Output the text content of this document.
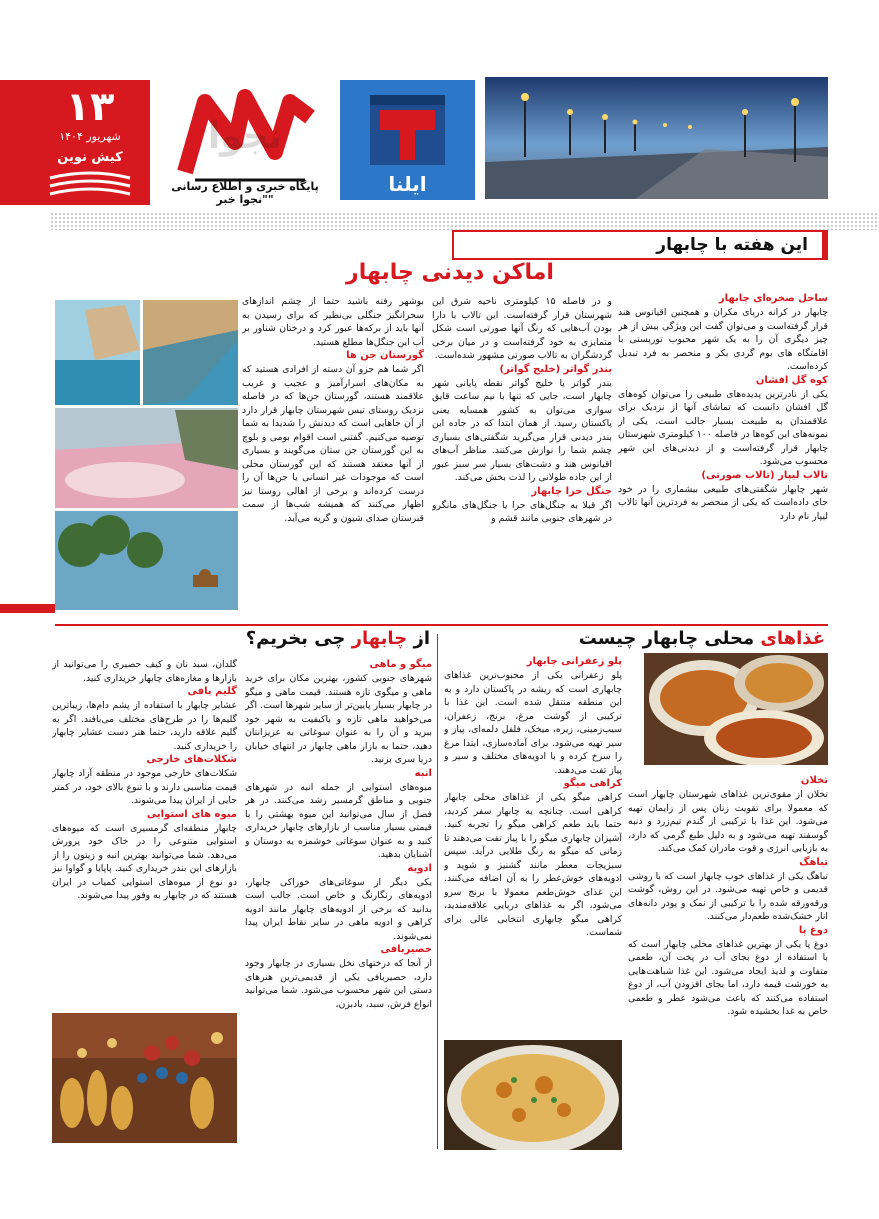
۱۳
شهریور ۱۴۰۴
کیش نوین
نجوا
پایگاه خبری و اطلاع رسانی "نجوا خبر"
ایلنا
این هفته با چابهار
اماکن دیدنی چابهار
ساحل صخره‌ای چابهار

چابهار در کرانه دریای مکران و همچنین اقیانوس هند قرار گرفته‌است و می‌توان گفت این ویژگی بیش از هر چیز دیگری آن را به یک شهر محبوب توریستی با اقامتگاه های بوم گردی بکر و منحصر به فرد تبدیل کرده‌است.

کوه گل افشان

یکی از نادرترین پدیده‌های طبیعی را می‌توان کوه‌های گل افشان دانست که تماشای آنها از نزدیک برای علاقمندان به طبیعت بسیار جالب است. یکی از نمونه‌های این کوه‌ها در فاصله ۱۰۰ کیلومتری شهرستان چابهار قرار گرفته‌است و از دیدنی‌های این شهر محسوب می‌شود.

تالاب لیپار (تالاب صورتی)

شهر چابهار شگفتی‌های طبیعی بیشماری را در خود جای داده‌است که یکی از منحصر به فردترین آنها تالاب لیپار نام دارد

و در فاصله ۱۵ کیلومتری ناحیه شرق این شهرستان قرار گرفته‌است. این تالاب با دارا بودن آب‌هایی که رنگ آنها صورتی است شکل متمایزی به خود گرفته‌است و در میان برخی گردشگران به تالاب صورتی مشهور شده‌است.

بندر گواتر (خلیج گواتر)

بندر گواتر یا خلیج گواتر نقطه پایانی شهر چابهار است، جایی که تنها با نیم ساعت قایق سواری می‌توان به کشور همسایه یعنی پاکستان رسید. از همان ابتدا که در جاده این بندر دیدنی قرار می‌گیرید شگفتی‌های بسیاری چشم شما را نوازش می‌کنند. مناظر آب‌های اقیانوس هند و دشت‌های بسیار سر سبز عبور از این جاده طولانی را لذت بخش می‌کند.

جنگل حرا چابهار

اگر قبلا به جنگل‌های حرا یا جنگل‌های مانگرو در شهرهای جنوبی مانند قشم و

بوشهر رفته باشید حتما از چشم اندازهای سحرانگیز جنگلی بی‌نظیر که برای رسیدن به آنها باید از برکه‌ها عبور کرد و درختان شناور بر آب این جنگل‌ها مطلع هستید.

گورستان جن ها

اگر شما هم جزو آن دسته از افرادی هستید که به مکان‌های اسرارآمیز و عجیب و غریب علاقمند هستند، گورستان جن‌ها که در فاصله نزدیک روستای تیس شهرستان چابهار قرار دارد از آن جاهایی است که دیدنش را شدیدا به شما توصیه می‌کنیم. گفتنی است اقوام بومی و بلوچ به این گورستان جن ستان می‌گویند و بسیاری از آنها معتقد هستند که این گورستان محلی است که موجودات غیر انسانی یا جن‌ها آن را درست کرده‌اند و برخی از اهالی روستا نیز اظهار می‌کنند که همیشه شب‌ها از سمت قبرستان صدای شیون و گریه می‌آید.

غذاهای محلی چابهار چیست
تخلان

تخلان از مقوی‌ترین غذاهای شهرستان چابهار است که معمولا برای تقویت زنان پس از زایمان تهیه می‌شود. این غذا با ترکیبی از گندم تیم‌زرد و دنبه گوسفند تهیه می‌شود و به دلیل طبع گرمی که دارد، به بازیابی انرژی و قوت مادران کمک می‌کند.

تباهگ

تباهگ یکی از غذاهای خوب چابهار است که با روشی قدیمی و خاص تهیه می‌شود. در این روش، گوشت ورقه‌ورقه شده را با ترکیبی از نمک و پودر دانه‌های انار خشک‌شده طعم‌دار می‌کنند.

دوغ پا

دوغ پا یکی از بهترین غذاهای محلی چابهار است که با استفاده از دوغ بجای آب در پخت آن، طعمی متفاوت و لذیذ ایجاد می‌شود. این غذا شباهت‌هایی به خورشت قیمه دارد، اما بجای افزودن آب، از دوغ استفاده می‌کنند که باعث می‌شود عطر و طعمی خاص به غذا بخشیده شود.

پلو زعفرانی چابهار

پلو زعفرانی یکی از محبوب‌ترین غذاهای چابهاری است که ریشه در پاکستان دارد و به این منطقه منتقل شده است. این غذا با ترکیبی از گوشت مرغ، برنج، زعفران، سیب‌زمینی، زیره، میخک، فلفل دلمه‌ای، پیاز و سیر تهیه می‌شود. برای آماده‌سازی، ابتدا مرغ را سرخ کرده و با ادویه‌های مختلف و سیر و پیاز تفت می‌دهند.

کراهی میگو

کراهی میگو یکی از غذاهای محلی چابهار کراهی است. چنانچه به چابهار سفر کردید، حتما باید طعم کراهی میگو را تجربه کنید. آشپزان چابهاری میگو را با پیاز تفت می‌دهند تا زمانی که میگو به رنگ طلایی درآید. سپس سبزیجات معطر مانند گشنیز و شوید و ادویه‌های خوش‌عطر را به آن اضافه می‌کنند. این غذای خوش‌طعم معمولا با برنج سرو می‌شود، اگر به غذاهای دریایی علاقه‌مندید، کراهی میگو چابهاری انتخابی عالی برای شماست.

از چابهار چی بخریم؟
میگو و ماهی

شهرهای جنوبی کشور، بهترین مکان برای خرید ماهی و میگوی تازه هستند. قیمت ماهی و میگو در چابهار بسیار پایین‌تر از سایر شهرها است. اگر می‌خواهید ماهی تازه و باکیفیت به شهر خود ببرید و آن را به عنوان سوغاتی به عزیزانتان دهید، حتما به بازار ماهی چابهار در انتهای خیابان دریا سری بزنید.

انبه

میوه‌های استوایی از جمله انبه در شهرهای جنوبی و مناطق گرمسیر رشد می‌کنند. در هر فصل از سال می‌توانید این میوه بهشتی را با قیمتی بسیار مناسب از بازارهای چابهار خریداری کنید و به عنوان سوغاتی خوشمزه به دوستان و آشنایان بدهید.

ادویه

یکی دیگر از سوغاتی‌های خوراکی چابهار، ادویه‌های رنگارنگ و خاص است. جالب است بدانید که برخی از ادویه‌های چابهار مانند ادویه کراهی و ادویه ماهی در سایر نقاط ایران پیدا نمی‌شوند.

حصیربافی

از آنجا که درختهای نخل بسیاری در چابهار وجود دارد، حصیربافی یکی از قدیمی‌ترین هنرهای دستی این شهر محسوب می‌شود. شما می‌توانید انواع فرش، سبد، بادبزن،

گلدان، سبد نان و کیف حصیری را می‌توانید از بازارها و مغازه‌های چابهار خریداری کنید.

گلیم بافی

عشایر چابهار با استفاده از پشم دام‌ها، زیباترین گلیم‌ها را در طرح‌های مختلف می‌بافند. اگر به گلیم علاقه دارید، حتما هنر دست عشایر چابهار را خریداری کنید.

شکلات‌های خارجی

شکلات‌های خارجی موجود در منطقه آزاد چابهار قیمت مناسبی دارند و با تنوع بالای خود، در کمتر جایی از ایران پیدا می‌شوند.

میوه های استوایی

چابهار منطقه‌ای گرمسیری است که میوه‌های استوایی متنوعی را در خاک خود پرورش می‌دهد. شما می‌توانید بهترین انبه و زیتون را از بازارهای این بندر خریداری کنید. پاپایا و گواوا نیز دو نوع از میوه‌های استوایی کمیاب در ایران هستند که در چابهار به وفور پیدا می‌شوند.
